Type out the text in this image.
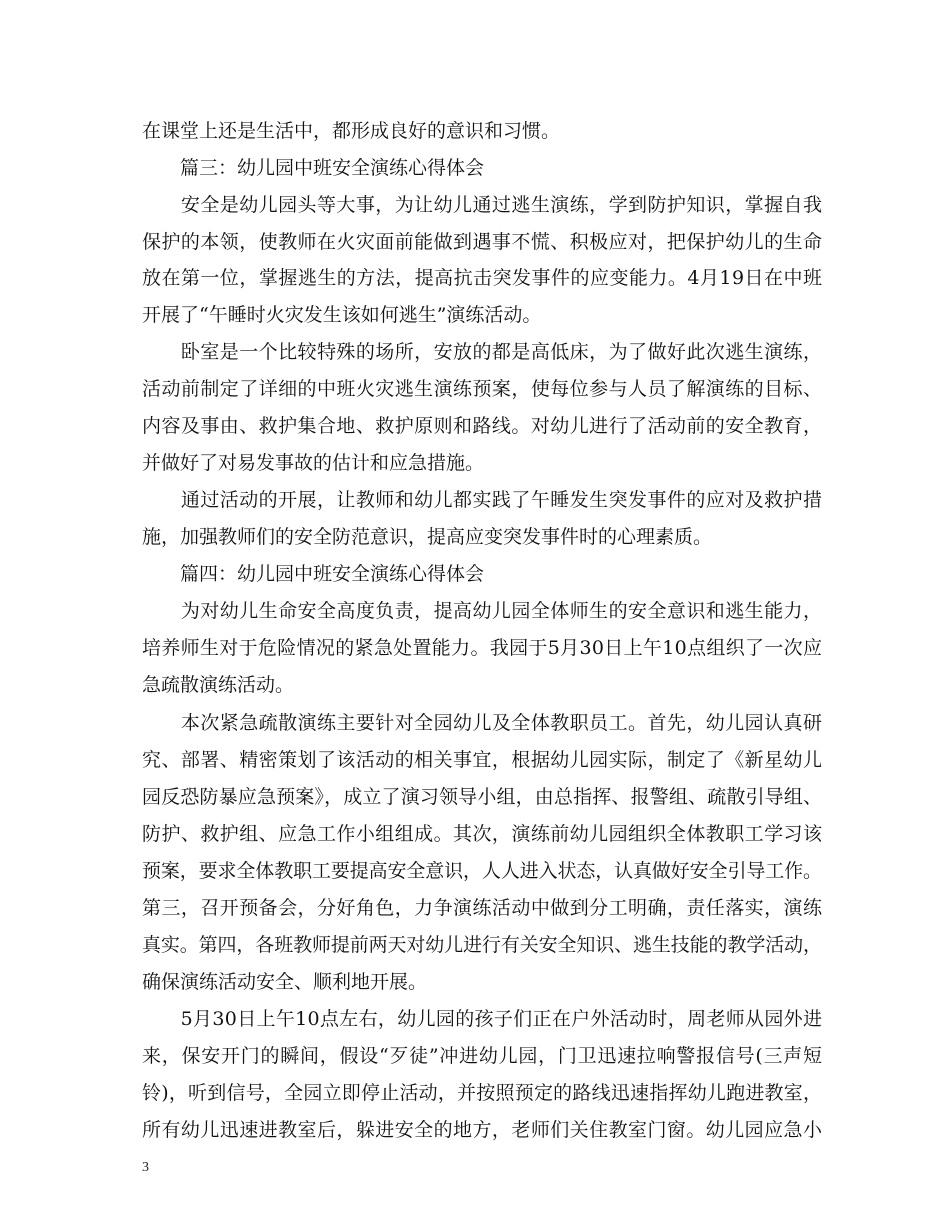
在课堂上还是生活中，都形成良好的意识和习惯。
　　篇三：幼儿园中班安全演练心得体会
　　安全是幼儿园头等大事，为让幼儿通过逃生演练，学到防护知识，掌握自我
保护的本领，使教师在火灾面前能做到遇事不慌、积极应对，把保护幼儿的生命
放在第一位，掌握逃生的方法，提高抗击突发事件的应变能力。4月19日在中班
开展了“午睡时火灾发生该如何逃生”演练活动。
　　卧室是一个比较特殊的场所，安放的都是高低床，为了做好此次逃生演练，
活动前制定了详细的中班火灾逃生演练预案，使每位参与人员了解演练的目标、
内容及事由、救护集合地、救护原则和路线。对幼儿进行了活动前的安全教育，
并做好了对易发事故的估计和应急措施。
　　通过活动的开展，让教师和幼儿都实践了午睡发生突发事件的应对及救护措
施，加强教师们的安全防范意识，提高应变突发事件时的心理素质。
　　篇四：幼儿园中班安全演练心得体会
　　为对幼儿生命安全高度负责，提高幼儿园全体师生的安全意识和逃生能力，
培养师生对于危险情况的紧急处置能力。我园于5月30日上午10点组织了一次应
急疏散演练活动。
　　本次紧急疏散演练主要针对全园幼儿及全体教职员工。首先，幼儿园认真研
究、部署、精密策划了该活动的相关事宜，根据幼儿园实际，制定了《新星幼儿
园反恐防暴应急预案》，成立了演习领导小组，由总指挥、报警组、疏散引导组、
防护、救护组、应急工作小组组成。其次，演练前幼儿园组织全体教职工学习该
预案，要求全体教职工要提高安全意识，人人进入状态，认真做好安全引导工作。
第三，召开预备会，分好角色，力争演练活动中做到分工明确，责任落实，演练
真实。第四，各班教师提前两天对幼儿进行有关安全知识、逃生技能的教学活动，
确保演练活动安全、顺利地开展。
　　5月30日上午10点左右，幼儿园的孩子们正在户外活动时，周老师从园外进
来，保安开门的瞬间，假设“歹徒”冲进幼儿园，门卫迅速拉响警报信号(三声短
铃)，听到信号，全园立即停止活动，并按照预定的路线迅速指挥幼儿跑进教室，
所有幼儿迅速进教室后，躲进安全的地方，老师们关住教室门窗。幼儿园应急小
3
